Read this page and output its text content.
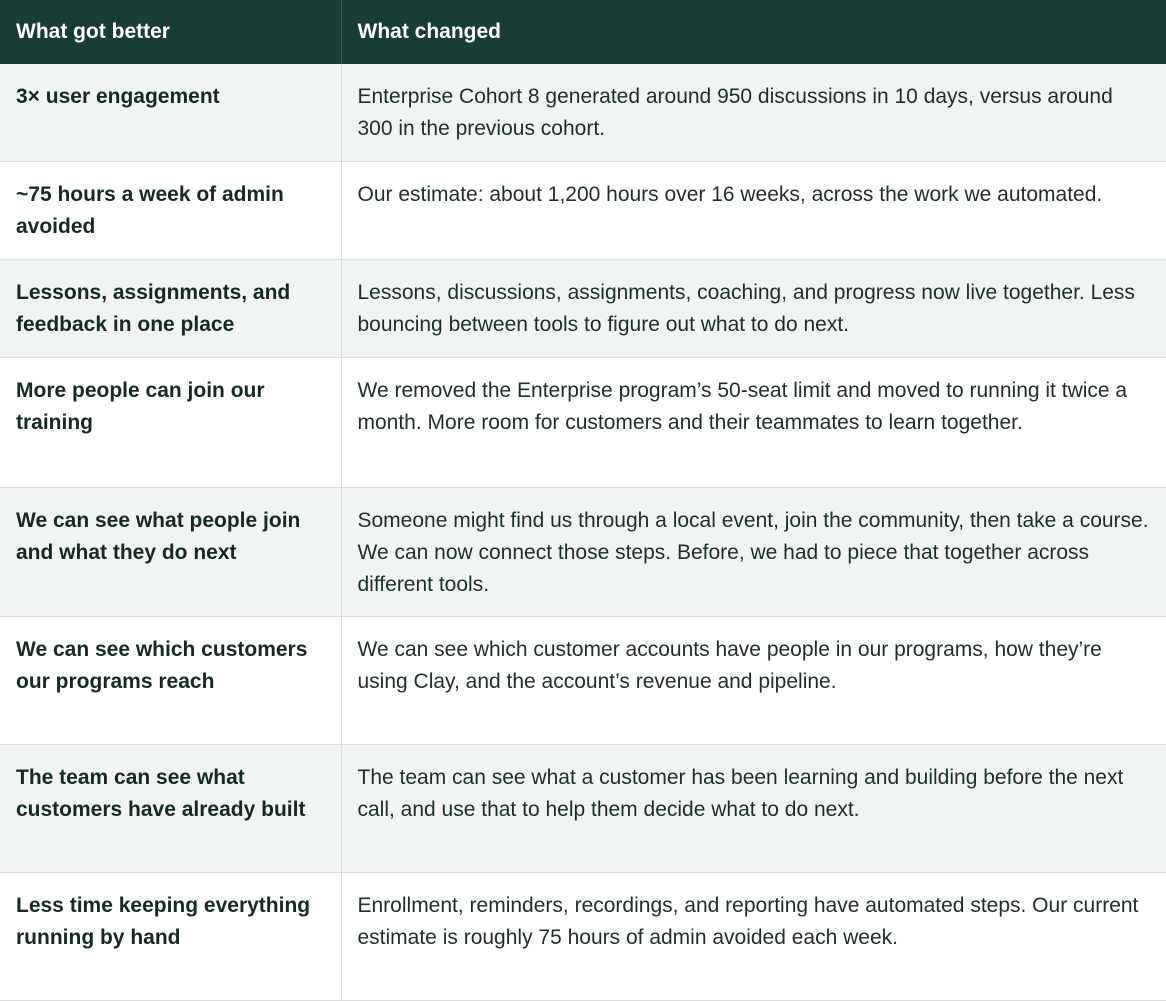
What got better	What changed
3× user engagement	Enterprise Cohort 8 generated around 950 discussions in 10 days, versus around 300 in the previous cohort.
~75 hours a week of admin avoided	Our estimate: about 1,200 hours over 16 weeks, across the work we automated.
Lessons, assignments, and feedback in one place	Lessons, discussions, assignments, coaching, and progress now live together. Less bouncing between tools to figure out what to do next.
More people can join our training	We removed the Enterprise program’s 50-seat limit and moved to running it twice a month. More room for customers and their teammates to learn together.
We can see what people join and what they do next	Someone might find us through a local event, join the community, then take a course. We can now connect those steps. Before, we had to piece that together across different tools.
We can see which customers our programs reach	We can see which customer accounts have people in our programs, how they’re using Clay, and the account’s revenue and pipeline.
The team can see what customers have already built	The team can see what a customer has been learning and building before the next call, and use that to help them decide what to do next.
Less time keeping everything running by hand	Enrollment, reminders, recordings, and reporting have automated steps. Our current estimate is roughly 75 hours of admin avoided each week.
